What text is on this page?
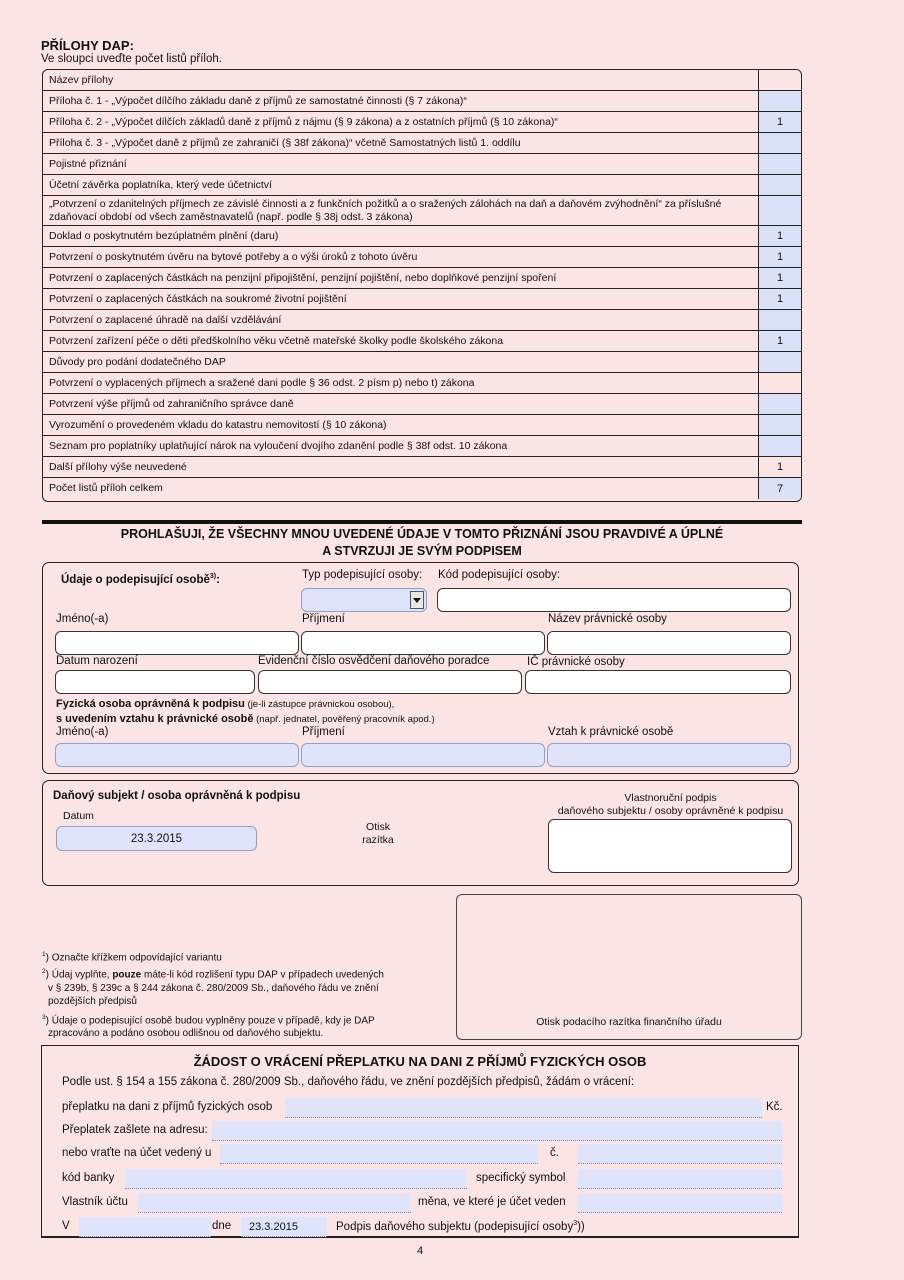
PŘÍLOHY DAP:
Ve sloupci uveďte počet listů příloh.
Název přílohy
Příloha č. 1 - „Výpočet dílčího základu daně z příjmů ze samostatné činnosti (§ 7 zákona)“
Příloha č. 2 - „Výpočet dílčích základů daně z příjmů z nájmu (§ 9 zákona) a z ostatních příjmů (§ 10 zákona)“	1
Příloha č. 3 - „Výpočet daně z příjmů ze zahraničí (§ 38f zákona)“ včetně Samostatných listů 1. oddílu
Pojistné přiznání
Účetní závěrka poplatníka, který vede účetnictví
„Potvrzení o zdanitelných příjmech ze závislé činnosti a z funkčních požitků a o sražených zálohách na daň a daňovém zvýhodnění“ za příslušné zdaňovací období od všech zaměstnavatelů (např. podle § 38j odst. 3 zákona)
Doklad o poskytnutém bezúplatném plnění (daru)	1
Potvrzení o poskytnutém úvěru na bytové potřeby a o výši úroků z tohoto úvěru	1
Potvrzení o zaplacených částkách na penzijní připojištění, penzijní pojištění, nebo doplňkové penzijní spoření	1
Potvrzení o zaplacených částkách na soukromé životní pojištění	1
Potvrzení o zaplacené úhradě na další vzdělávání
Potvrzení zařízení péče o děti předškolního věku včetně mateřské školky podle školského zákona	1
Důvody pro podání dodatečného DAP
Potvrzení o vyplacených příjmech a sražené dani podle § 36 odst. 2 písm p) nebo t) zákona
Potvrzení výše příjmů od zahraničního správce daně
Vyrozumění o provedeném vkladu do katastru nemovitostí (§ 10 zákona)
Seznam pro poplatníky uplatňující nárok na vyloučení dvojího zdanění podle § 38f odst. 10 zákona
Další přílohy výše neuvedené	1
Počet listů příloh celkem	7
PROHLAŠUJI, ŽE VŠECHNY MNOU UVEDENÉ ÚDAJE V TOMTO PŘIZNÁNÍ JSOU PRAVDIVÉ A ÚPLNÉ
A STVRZUJI JE SVÝM PODPISEM
Údaje o podepisující osobě$^{3)}$:	Typ podepisující osoby: Kód podepisující osoby:
Jméno(-a)	Příjmení	Název právnické osoby
Datum narození	Evidenční číslo osvědčení daňového poradce	IČ právnické osoby
Fyzická osoba oprávněná k podpisu (je-li zástupce právnickou osobou),
s uvedením vztahu k právnické osobě (např. jednatel, pověřený pracovník apod.)
Jméno(-a)	Příjmení	Vztah k právnické osobě
Daňový subjekt / osoba oprávněná k podpisu
Datum
23.3.2015
Otisk
razítka
Vlastnoruční podpis
daňového subjektu / osoby oprávněné k podpisu
$^1$) Označte křížkem odpovídající variantu
$^2$) Údaj vyplňte, pouze máte-li kód rozlišení typu DAP v případech uvedených
v § 239b, § 239c a § 244 zákona č. 280/2009 Sb., daňového řádu ve znění
pozdějších předpisů
$^3$) Údaje o podepisující osobě budou vyplněny pouze v případě, kdy je DAP
zpracováno a podáno osobou odlišnou od daňového subjektu.
Otisk podacího razítka finančního úřadu
ŽÁDOST O VRÁCENÍ PŘEPLATKU NA DANI Z PŘÍJMŮ FYZICKÝCH OSOB
Podle ust. § 154 a 155 zákona č. 280/2009 Sb., daňového řádu, ve znění pozdějších předpisů, žádám o vrácení:
přeplatku na dani z příjmů fyzických osob	Kč.
Přeplatek zašlete na adresu:
nebo vraťte na účet vedený u	č.
kód banky	specifický symbol
Vlastník účtu	měna, ve které je účet veden
V	dne	23.3.2015	Podpis daňového subjektu (podepisující osoby$^3$))
4
